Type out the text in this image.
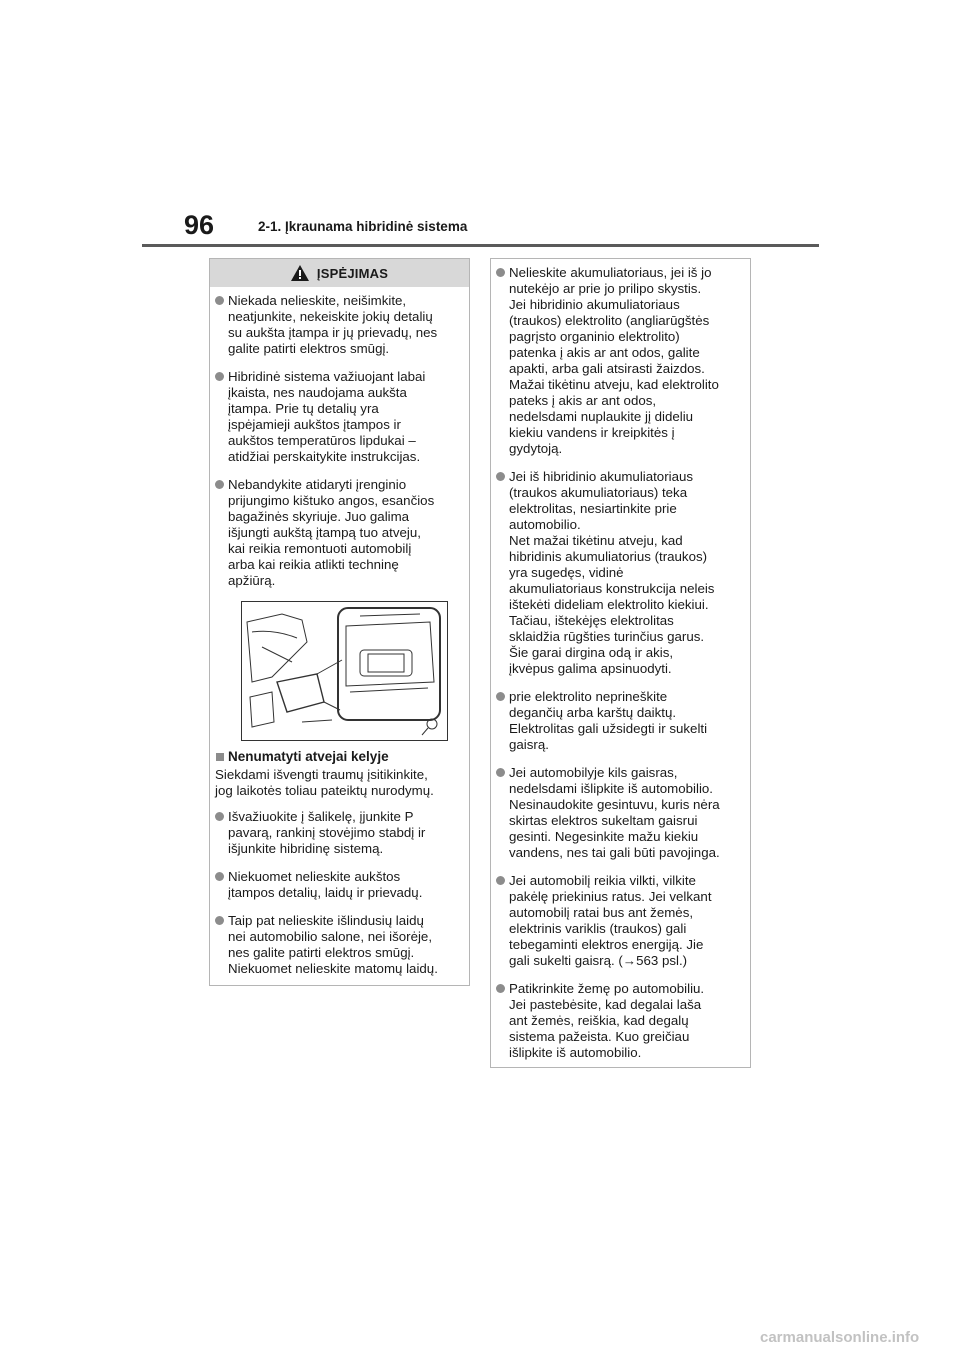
96	2-1. Įkraunama hibridinė sistema
ĮSPĖJIMAS
Niekada nelieskite, neišimkite,
neatjunkite, nekeiskite jokių detalių
su aukšta įtampa ir jų prievadų, nes
galite patirti elektros smūgį.
Hibridinė sistema važiuojant labai
įkaista, nes naudojama aukšta
įtampa. Prie tų detalių yra
įspėjamieji aukštos įtampos ir
aukštos temperatūros lipdukai –
atidžiai perskaitykite instrukcijas.
Nebandykite atidaryti įrenginio
prijungimo kištuko angos, esančios
bagažinės skyriuje. Juo galima
išjungti aukštą įtampą tuo atveju,
kai reikia remontuoti automobilį
arba kai reikia atlikti techninę
apžiūrą.
Nenumatyti atvejai kelyje
Siekdami išvengti traumų įsitikinkite,
jog laikotės toliau pateiktų nurodymų.
Išvažiuokite į šalikelę, įjunkite P
pavarą, rankinį stovėjimo stabdį ir
išjunkite hibridinę sistemą.
Niekuomet nelieskite aukštos
įtampos detalių, laidų ir prievadų.
Taip pat nelieskite išlindusių laidų
nei automobilio salone, nei išorėje,
nes galite patirti elektros smūgį.
Niekuomet nelieskite matomų laidų.
Nelieskite akumuliatoriaus, jei iš jo
nutekėjo ar prie jo prilipo skystis.
Jei hibridinio akumuliatoriaus
(traukos) elektrolito (angliarūgštės
pagrįsto organinio elektrolito)
patenka į akis ar ant odos, galite
apakti, arba gali atsirasti žaizdos.
Mažai tikėtinu atveju, kad elektrolito
pateks į akis ar ant odos,
nedelsdami nuplaukite jį dideliu
kiekiu vandens ir kreipkitės į
gydytoją.
Jei iš hibridinio akumuliatoriaus
(traukos akumuliatoriaus) teka
elektrolitas, nesiartinkite prie
automobilio.
Net mažai tikėtinu atveju, kad
hibridinis akumuliatorius (traukos)
yra sugedęs, vidinė
akumuliatoriaus konstrukcija neleis
ištekėti dideliam elektrolito kiekiui.
Tačiau, ištekėjęs elektrolitas
sklaidžia rūgšties turinčius garus.
Šie garai dirgina odą ir akis,
įkvėpus galima apsinuodyti.
prie elektrolito neprineškite
degančių arba karštų daiktų.
Elektrolitas gali užsidegti ir sukelti
gaisrą.
Jei automobilyje kils gaisras,
nedelsdami išlipkite iš automobilio.
Nesinaudokite gesintuvu, kuris nėra
skirtas elektros sukeltam gaisrui
gesinti. Negesinkite mažu kiekiu
vandens, nes tai gali būti pavojinga.
Jei automobilį reikia vilkti, vilkite
pakėlę priekinius ratus. Jei velkant
automobilį ratai bus ant žemės,
elektrinis variklis (traukos) gali
tebegaminti elektros energiją. Jie
gali sukelti gaisrą. (→563 psl.)
Patikrinkite žemę po automobiliu.
Jei pastebėsite, kad degalai laša
ant žemės, reiškia, kad degalų
sistema pažeista. Kuo greičiau
išlipkite iš automobilio.
carmanualsonline.info
